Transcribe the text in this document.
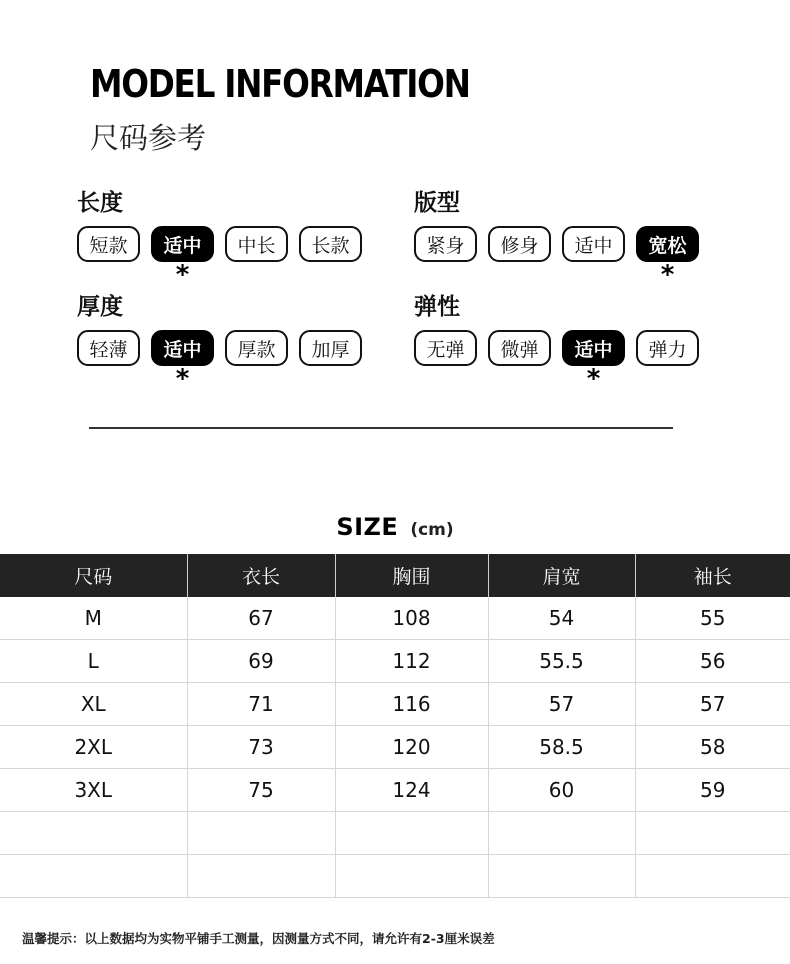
MODEL INFORMATION
尺码参考
长度
短款 适中
*
中长 长款
版型
紧身 修身 适中 宽松
*
厚度
轻薄 适中
*
厚款 加厚
弹性
无弹 微弹 适中
*
弹力
SIZE (cm)
尺码	衣长	胸围	肩宽	袖长
M	67	108	54	55
L	69	112	55.5	56
XL	71	116	57	57
2XL	73	120	58.5	58
3XL	75	124	60	59

温馨提示：以上数据均为实物平铺手工测量，因测量方式不同，请允许有2-3厘米误差
